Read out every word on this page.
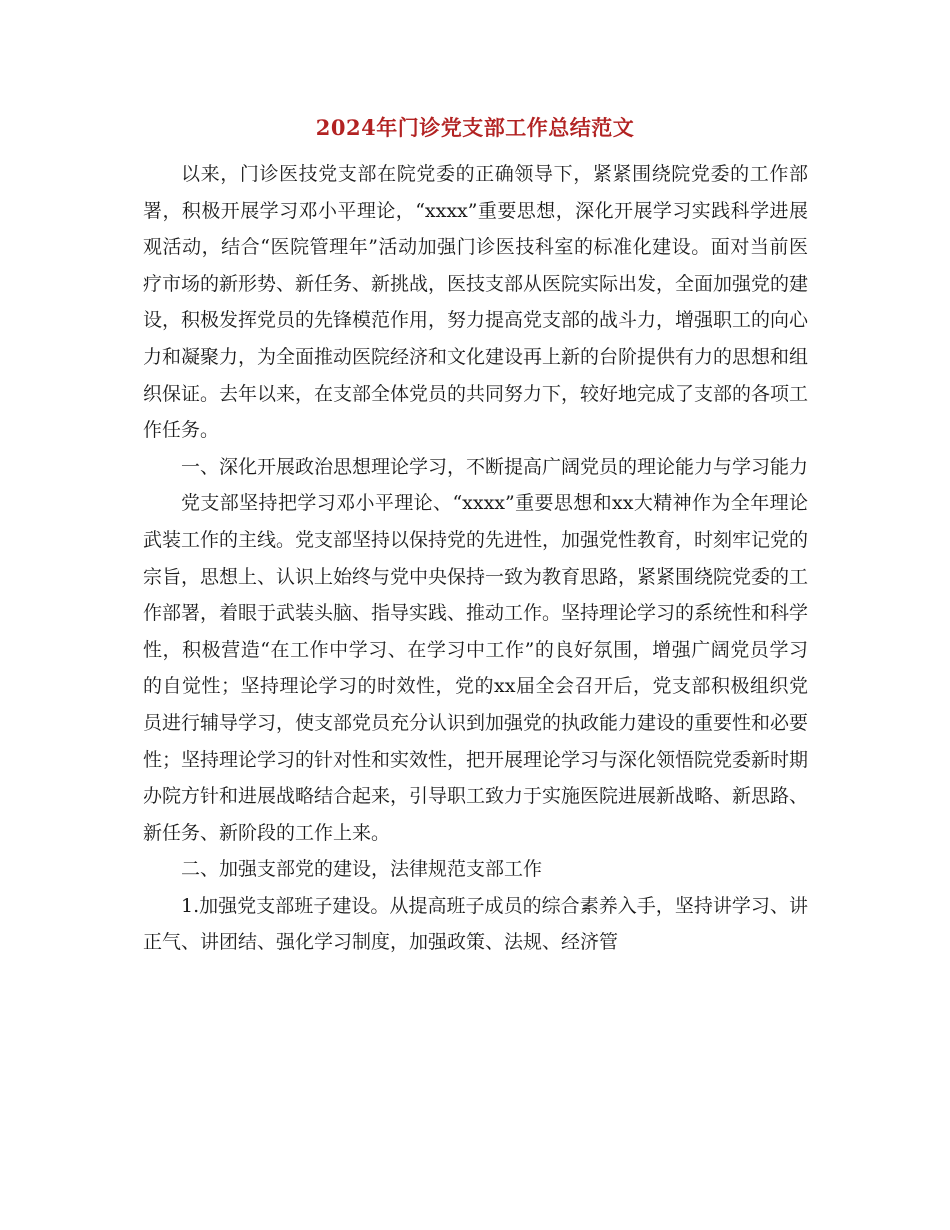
2024年门诊党支部工作总结范文

以来，门诊医技党支部在院党委的正确领导下，紧紧围绕院党委的工作部署，积极开展学习邓小平理论，“xxxx”重要思想，深化开展学习实践科学进展观活动，结合“医院管理年”活动加强门诊医技科室的标准化建设。面对当前医疗市场的新形势、新任务、新挑战，医技支部从医院实际出发，全面加强党的建设，积极发挥党员的先锋模范作用，努力提高党支部的战斗力，增强职工的向心力和凝聚力，为全面推动医院经济和文化建设再上新的台阶提供有力的思想和组织保证。去年以来，在支部全体党员的共同努力下，较好地完成了支部的各项工作任务。

一、深化开展政治思想理论学习，不断提高广阔党员的理论能力与学习能力

党支部坚持把学习邓小平理论、“xxxx”重要思想和xx大精神作为全年理论武装工作的主线。党支部坚持以保持党的先进性，加强党性教育，时刻牢记党的宗旨，思想上、认识上始终与党中央保持一致为教育思路，紧紧围绕院党委的工作部署，着眼于武装头脑、指导实践、推动工作。坚持理论学习的系统性和科学性，积极营造“在工作中学习、在学习中工作”的良好氛围，增强广阔党员学习的自觉性；坚持理论学习的时效性，党的xx届全会召开后，党支部积极组织党员进行辅导学习，使支部党员充分认识到加强党的执政能力建设的重要性和必要性；坚持理论学习的针对性和实效性，把开展理论学习与深化领悟院党委新时期办院方针和进展战略结合起来，引导职工致力于实施医院进展新战略、新思路、新任务、新阶段的工作上来。

二、加强支部党的建设，法律规范支部工作

1.加强党支部班子建设。从提高班子成员的综合素养入手，坚持讲学习、讲正气、讲团结、强化学习制度，加强政策、法规、经济管
